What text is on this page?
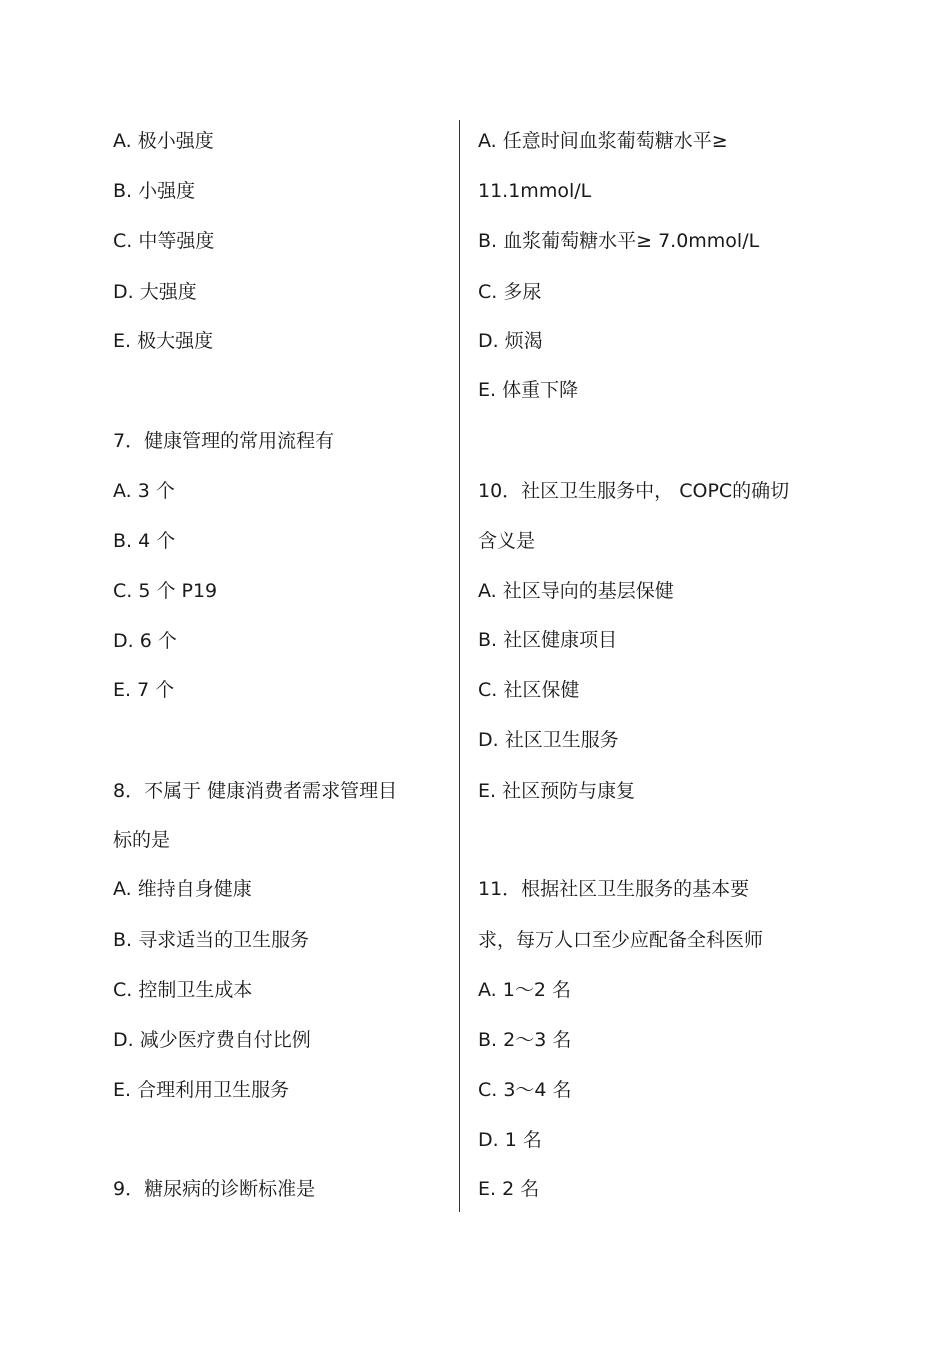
A. 极小强度
B. 小强度
C. 中等强度
D. 大强度
E. 极大强度
7．健康管理的常用流程有
A. 3 个
B. 4 个
C. 5 个 P19
D. 6 个
E. 7 个
8．不属于 健康消费者需求管理目
标的是
A. 维持自身健康
B. 寻求适当的卫生服务
C. 控制卫生成本
D. 减少医疗费自付比例
E. 合理利用卫生服务
9．糖尿病的诊断标准是
A. 任意时间血浆葡萄糖水平≥
11.1mmol/L
B. 血浆葡萄糖水平≥ 7.0mmol/L
C. 多尿
D. 烦渴
E. 体重下降
10．社区卫生服务中， COPC的确切
含义是
A. 社区导向的基层保健
B. 社区健康项目
C. 社区保健
D. 社区卫生服务
E. 社区预防与康复
11．根据社区卫生服务的基本要
求，每万人口至少应配备全科医师
A. 1～2 名
B. 2～3 名
C. 3～4 名
D. 1 名
E. 2 名
